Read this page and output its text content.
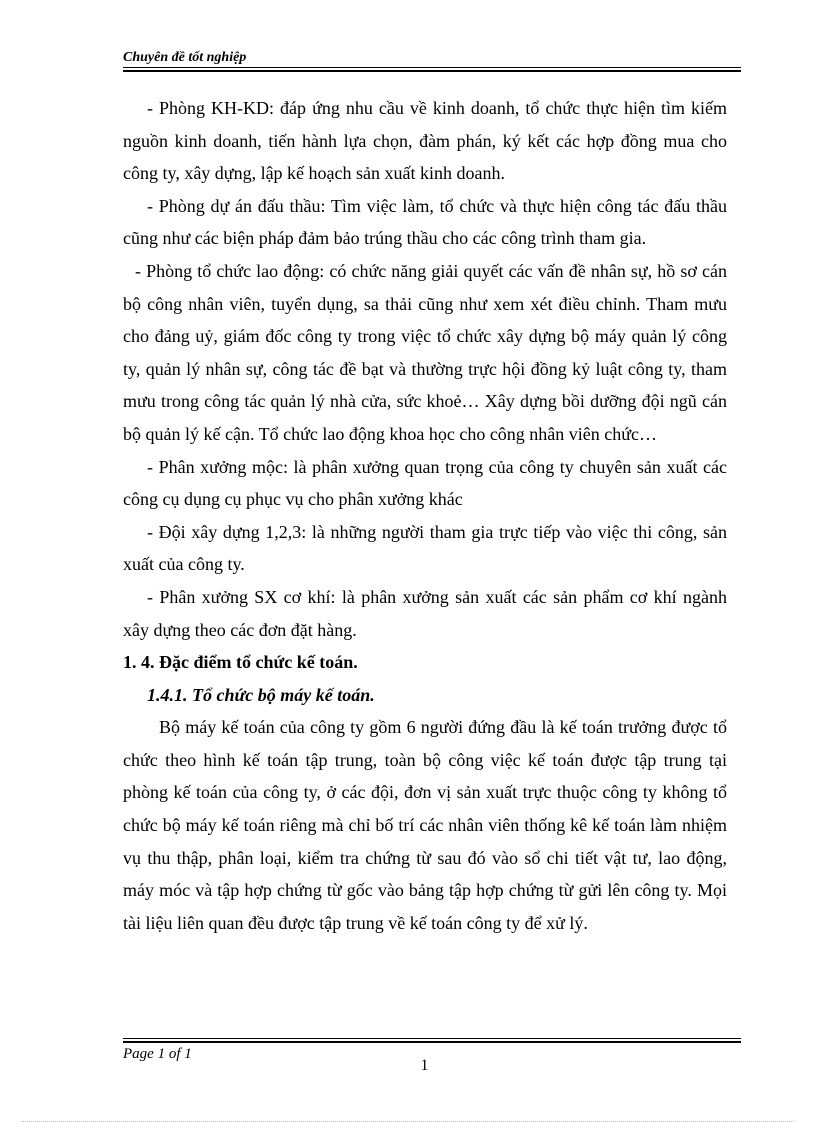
Chuyên đề tốt nghiệp

- Phòng KH-KD: đáp ứng nhu cầu về kinh doanh, tổ chức thực hiện tìm kiếm nguồn kinh doanh, tiến hành lựa chọn, đàm phán, ký kết các hợp đồng mua cho công ty, xây dựng, lập kế hoạch sản xuất kinh doanh.

- Phòng dự án đấu thầu: Tìm việc làm, tổ chức và thực hiện công tác đấu thầu cũng như các biện pháp đảm bảo trúng thầu cho các công trình tham gia.

- Phòng tổ chức lao động: có chức năng giải quyết các vấn đề nhân sự, hồ sơ cán bộ công nhân viên, tuyển dụng, sa thải cũng như xem xét điều chỉnh. Tham mưu cho đảng uỷ, giám đốc công ty trong việc tổ chức xây dựng bộ máy quản lý công ty, quản lý nhân sự, công tác đề bạt và thường trực hội đồng kỷ luật công ty, tham mưu trong công tác quản lý nhà cửa, sức khoẻ… Xây dựng bồi dưỡng đội ngũ cán bộ quản lý kế cận. Tổ chức lao động khoa học cho công nhân viên chức…

- Phân xưởng mộc: là phân xưởng quan trọng của công ty chuyên sản xuất các công cụ dụng cụ phục vụ cho phân xưởng khác

- Đội xây dựng 1,2,3: là những người tham gia trực tiếp vào việc thi công, sản xuất của công ty.

- Phân xưởng SX cơ khí: là phân xưởng sản xuất các sản phẩm cơ khí ngành xây dựng theo các đơn đặt hàng.

1. 4. Đặc điểm tổ chức kế toán.

1.4.1. Tổ chức bộ máy kế toán.

Bộ máy kế toán của công ty gồm 6 người đứng đầu là kế toán trưởng được tổ chức theo hình kế toán tập trung, toàn bộ công việc kế toán được tập trung tại phòng kế toán của công ty, ở các đội, đơn vị sản xuất trực thuộc công ty không tổ chức bộ máy kế toán riêng mà chỉ bố trí các nhân viên thống kê kế toán làm nhiệm vụ thu thập, phân loại, kiểm tra chứng từ sau đó vào sổ chi tiết vật tư, lao động, máy móc và tập hợp chứng từ gốc vào bảng tập hợp chứng từ gửi lên công ty. Mọi tài liệu liên quan đều được tập trung về kế toán công ty để xử lý.

Page 1 of 1
1
